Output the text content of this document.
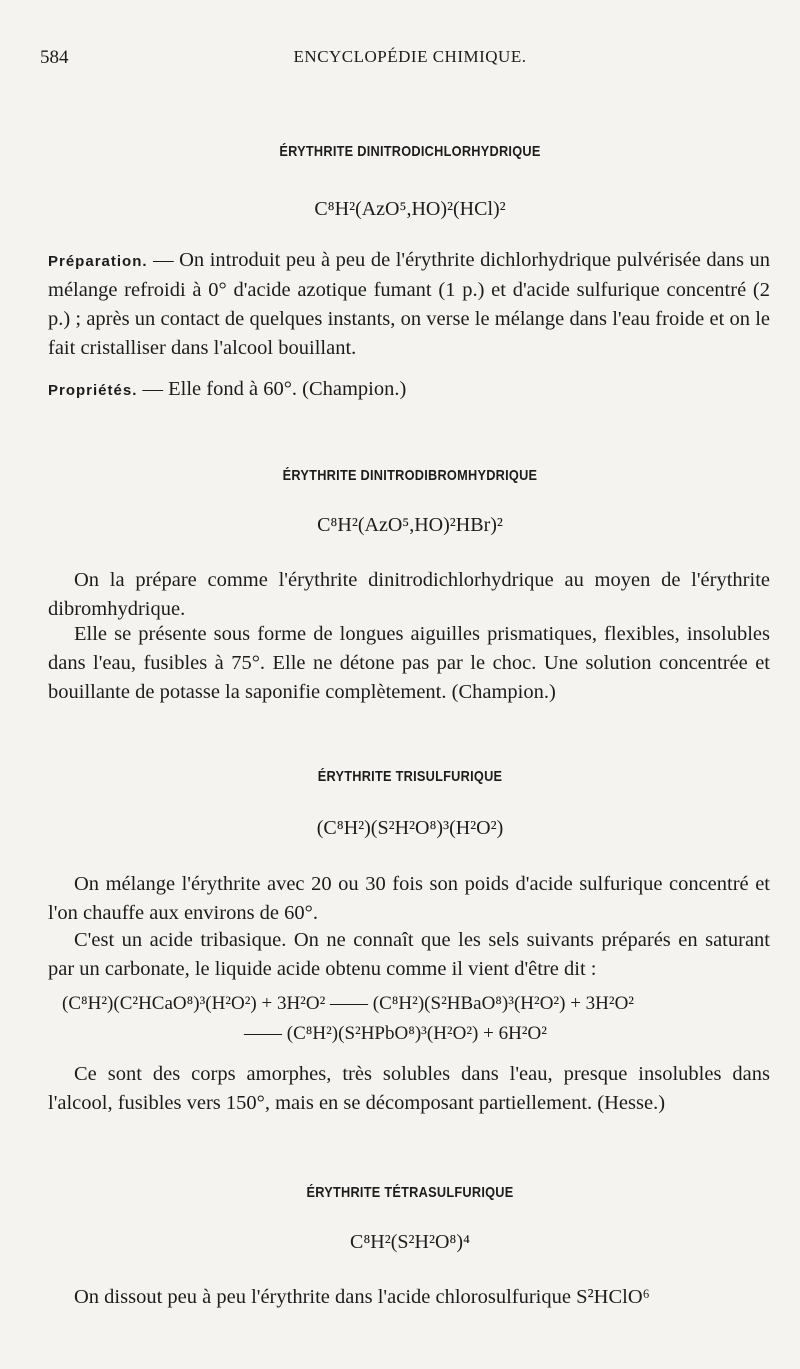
584	ENCYCLOPÉDIE CHIMIQUE.
ÉRYTHRITE DINITRODICHLORHYDRIQUE
C⁸H²(AzO⁵,HO)²(HCl)²

Préparation. — On introduit peu à peu de l'érythrite dichlorhydrique pulvérisée dans un mélange refroidi à 0° d'acide azotique fumant (1 p.) et d'acide sulfurique concentré (2 p.) ; après un contact de quelques instants, on verse le mélange dans l'eau froide et on le fait cristalliser dans l'alcool bouillant.

Propriétés. — Elle fond à 60°. (Champion.)

ÉRYTHRITE DINITRODIBROMHYDRIQUE
C⁸H²(AzO⁵,HO)²HBr)²

On la prépare comme l'érythrite dinitrodichlorhydrique au moyen de l'érythrite dibromhydrique.

Elle se présente sous forme de longues aiguilles prismatiques, flexibles, insolubles dans l'eau, fusibles à 75°. Elle ne détone pas par le choc. Une solution concentrée et bouillante de potasse la saponifie complètement. (Champion.)

ÉRYTHRITE TRISULFURIQUE
(C⁸H²)(S²H²O⁸)³(H²O²)

On mélange l'érythrite avec 20 ou 30 fois son poids d'acide sulfurique concentré et l'on chauffe aux environs de 60°.

C'est un acide tribasique. On ne connaît que les sels suivants préparés en saturant par un carbonate, le liquide acide obtenu comme il vient d'être dit :

(C⁸H²)(C²HCaO⁸)³(H²O²) + 3H²O² —— (C⁸H²)(S²HBaO⁸)³(H²O²) + 3H²O²
—— (C⁸H²)(S²HPbO⁸)³(H²O²) + 6H²O²

Ce sont des corps amorphes, très solubles dans l'eau, presque insolubles dans l'alcool, fusibles vers 150°, mais en se décomposant partiellement. (Hesse.)

ÉRYTHRITE TÉTRASULFURIQUE
C⁸H²(S²H²O⁸)⁴

On dissout peu à peu l'érythrite dans l'acide chlorosulfurique S²HClO⁶
